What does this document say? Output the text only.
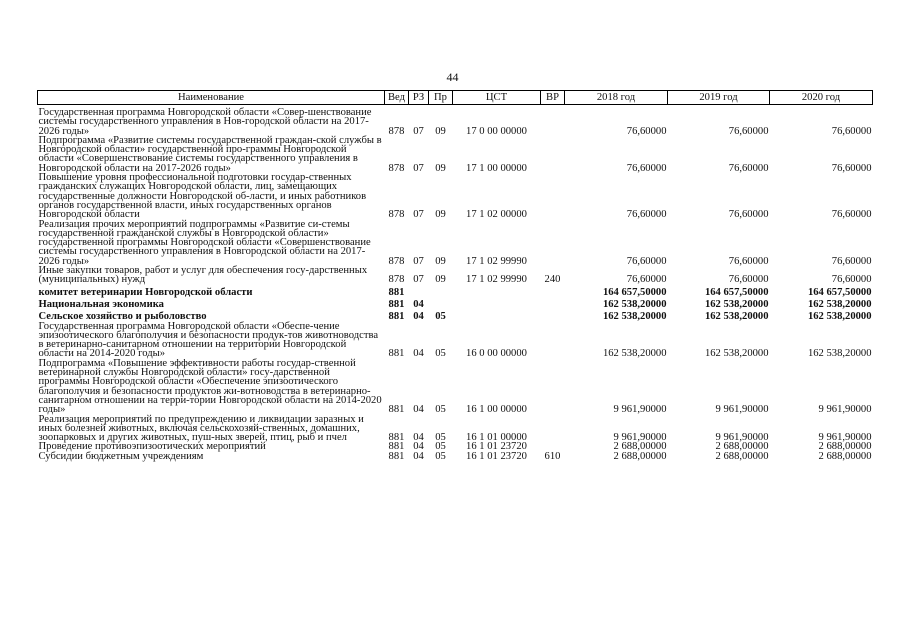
44
Наименование	Вед	РЗ	Пр	ЦСТ	ВР	2018 год	2019 год	2020 год
Государственная программа Новгородской области «Совер-шенствование системы государственного управления в Нов-городской области на 2017-2026 годы»	878	07	09	17 0 00 00000		76,60000	76,60000	76,60000
Подпрограмма «Развитие системы государственной граждан-ской службы в Новгородской области» государственной про-граммы Новгородской области «Совершенствование системы государственного управления в Новгородской области на 2017-2026 годы»	878	07	09	17 1 00 00000		76,60000	76,60000	76,60000
Повышение уровня профессиональной подготовки государ-ственных гражданских служащих Новгородской области, лиц, замещающих государственные должности Новгородской об-ласти, и иных работников органов государственной власти, иных государственных органов Новгородской области	878	07	09	17 1 02 00000		76,60000	76,60000	76,60000
Реализация прочих мероприятий подпрограммы «Развитие си-стемы государственной гражданской службы в Новгородской области» государственной программы Новгородской области «Совершенствование системы государственного управления в Новгородской области на 2017-2026 годы»	878	07	09	17 1 02 99990		76,60000	76,60000	76,60000
Иные закупки товаров, работ и услуг для обеспечения госу-дарственных (муниципальных) нужд	878	07	09	17 1 02 99990	240	76,60000	76,60000	76,60000
комитет ветеринарии Новгородской области	881					164 657,50000	164 657,50000	164 657,50000
Национальная экономика	881	04				162 538,20000	162 538,20000	162 538,20000
Сельское хозяйство и рыболовство	881	04	05			162 538,20000	162 538,20000	162 538,20000
Государственная программа Новгородской области «Обеспе-чение эпизоотического благополучия и безопасности продук-тов животноводства в ветеринарно-санитарном отношении на территории Новгородской области на 2014-2020 годы»	881	04	05	16 0 00 00000		162 538,20000	162 538,20000	162 538,20000
Подпрограмма «Повышение эффективности работы государ-ственной ветеринарной службы Новгородской области» госу-дарственной программы Новгородской области «Обеспечение эпизоотического благополучия и безопасности продуктов жи-вотноводства в ветеринарно-санитарном отношении на терри-тории Новгородской области на 2014-2020 годы»	881	04	05	16 1 00 00000		9 961,90000	9 961,90000	9 961,90000
Реализация мероприятий по предупреждению и ликвидации заразных и иных болезней животных, включая сельскохозяй-ственных, домашних, зоопарковых и других животных, пуш-ных зверей, птиц, рыб и пчел	881	04	05	16 1 01 00000		9 961,90000	9 961,90000	9 961,90000
Проведение противоэпизоотических мероприятий	881	04	05	16 1 01 23720		2 688,00000	2 688,00000	2 688,00000
Субсидии бюджетным учреждениям	881	04	05	16 1 01 23720	610	2 688,00000	2 688,00000	2 688,00000
